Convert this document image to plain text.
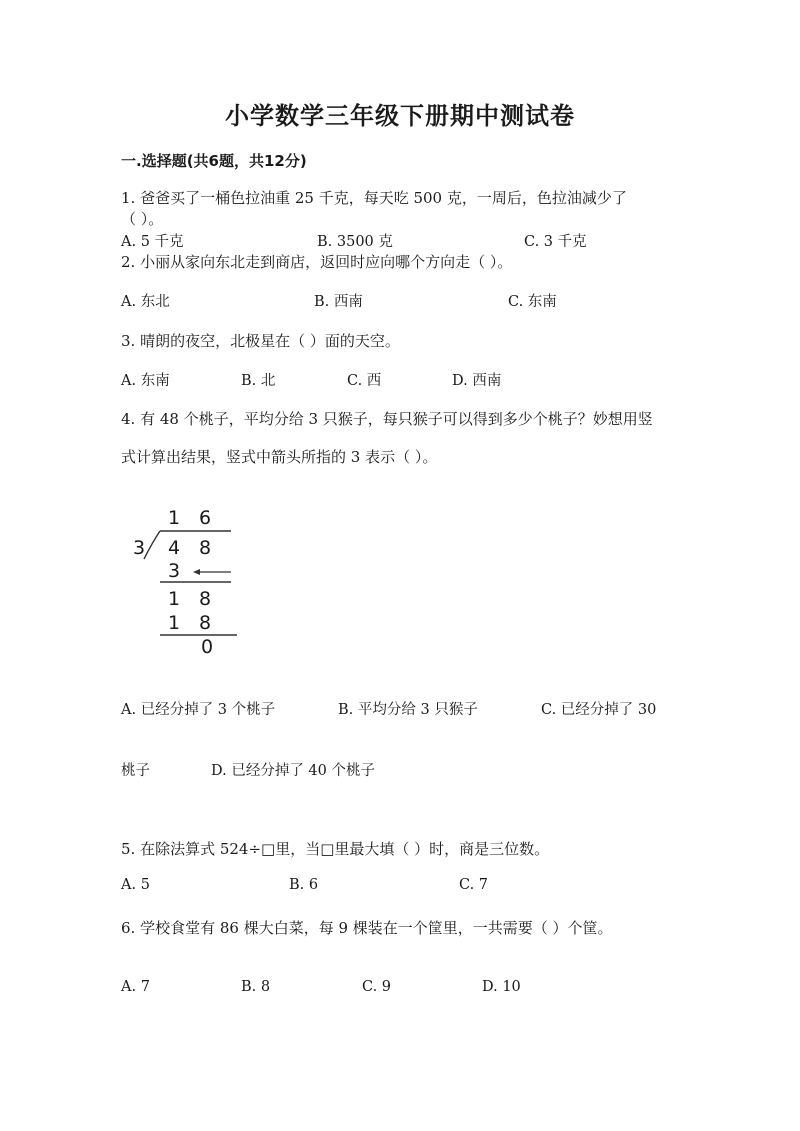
小学数学三年级下册期中测试卷
一.选择题(共6题，共12分)
1. 爸爸买了一桶色拉油重 25 千克，每天吃 500 克，一周后，色拉油减少了
（ ）。
A. 5 千克	B. 3500 克	C. 3 千克
2. 小丽从家向东北走到商店，返回时应向哪个方向走（ ）。
A. 东北	B. 西南	C. 东南
3. 晴朗的夜空，北极星在（ ）面的天空。
A. 东南	B. 北	C. 西	D. 西南
4. 有 48 个桃子，平均分给 3 只猴子，每只猴子可以得到多少个桃子？妙想用竖
式计算出结果，竖式中箭头所指的 3 表示（ ）。
1 6
3 4 8
3
1 8
1 8
0
A. 已经分掉了 3 个桃子	B. 平均分给 3 只猴子	C. 已经分掉了 30
桃子	D. 已经分掉了 40 个桃子
5. 在除法算式 524÷□里，当□里最大填（ ）时，商是三位数。
A. 5	B. 6	C. 7
6. 学校食堂有 86 棵大白菜，每 9 棵装在一个筐里，一共需要（ ）个筐。
A. 7	B. 8	C. 9	D. 10
